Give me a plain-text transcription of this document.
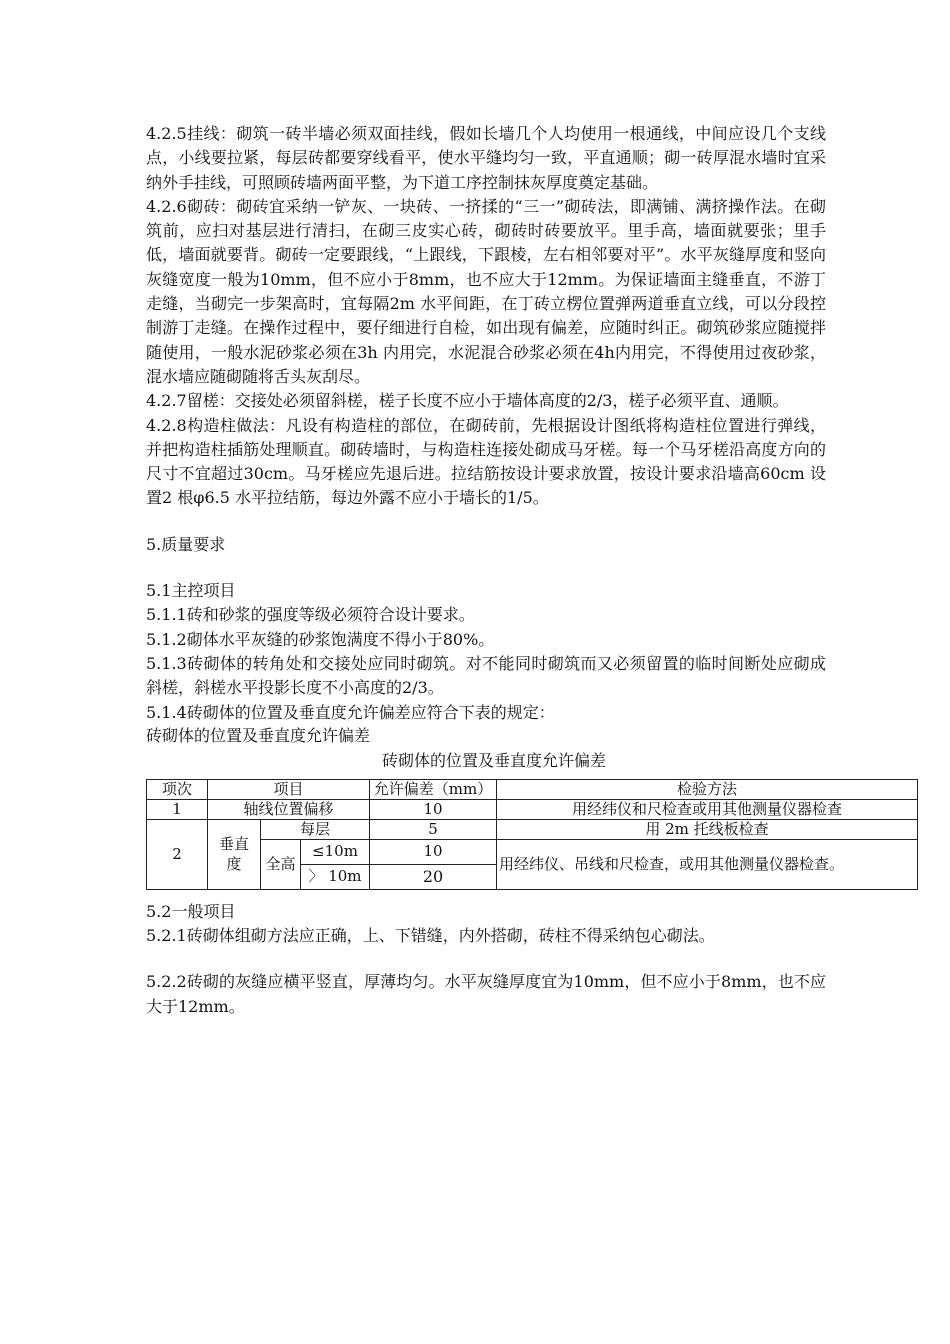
4.2.5挂线：砌筑一砖半墙必须双面挂线，假如长墙几个人均使用一根通线，中间应设几个支线点，小线要拉紧，每层砖都要穿线看平，使水平缝均匀一致，平直通顺；砌一砖厚混水墙时宜采纳外手挂线，可照顾砖墙两面平整，为下道工序控制抹灰厚度奠定基础。

4.2.6砌砖：砌砖宜采纳一铲灰、一块砖、一挤揉的“三一”砌砖法，即满铺、满挤操作法。在砌筑前，应扫对基层进行清扫，在砌三皮实心砖，砌砖时砖要放平。里手高，墙面就要张；里手低，墙面就要背。砌砖一定要跟线，“上跟线，下跟棱，左右相邻要对平”。水平灰缝厚度和竖向灰缝宽度一般为10mm，但不应小于8mm，也不应大于12mm。为保证墙面主缝垂直，不游丁走缝，当砌完一步架高时，宜每隔2m 水平间距，在丁砖立楞位置弹两道垂直立线，可以分段控制游丁走缝。在操作过程中，要仔细进行自检，如出现有偏差，应随时纠正。砌筑砂浆应随搅拌随使用，一般水泥砂浆必须在3h 内用完，水泥混合砂浆必须在4h内用完，不得使用过夜砂浆，混水墙应随砌随将舌头灰刮尽。

4.2.7留槎：交接处必须留斜槎，槎子长度不应小于墙体高度的2/3，槎子必须平直、通顺。

4.2.8构造柱做法：凡设有构造柱的部位，在砌砖前，先根据设计图纸将构造柱位置进行弹线，并把构造柱插筋处理顺直。砌砖墙时，与构造柱连接处砌成马牙槎。每一个马牙槎沿高度方向的尺寸不宜超过30cm。马牙槎应先退后进。拉结筋按设计要求放置，按设计要求沿墙高60cm 设置2 根φ6.5 水平拉结筋，每边外露不应小于墙长的1/5。

5.质量要求

5.1主控项目

5.1.1砖和砂浆的强度等级必须符合设计要求。

5.1.2砌体水平灰缝的砂浆饱满度不得小于80%。

5.1.3砖砌体的转角处和交接处应同时砌筑。对不能同时砌筑而又必须留置的临时间断处应砌成斜槎，斜槎水平投影长度不小高度的2/3。

5.1.4砖砌体的位置及垂直度允许偏差应符合下表的规定：

砖砌体的位置及垂直度允许偏差

砖砌体的位置及垂直度允许偏差

项次	项目			允许偏差（mm）	检验方法
1	轴线位置偏移			10	用经纬仪和尺检查或用其他测量仪器检查
2	垂直度	每层		5	用 2m 托线板检查
		全高	≤10m	10	用经纬仪、吊线和尺检查，或用其他测量仪器检查。
			〉 10m	20	

5.2一般项目

5.2.1砖砌体组砌方法应正确，上、下错缝，内外搭砌，砖柱不得采纳包心砌法。

5.2.2砖砌的灰缝应横平竖直，厚薄均匀。水平灰缝厚度宜为10mm，但不应小于8mm，也不应大于12mm。
